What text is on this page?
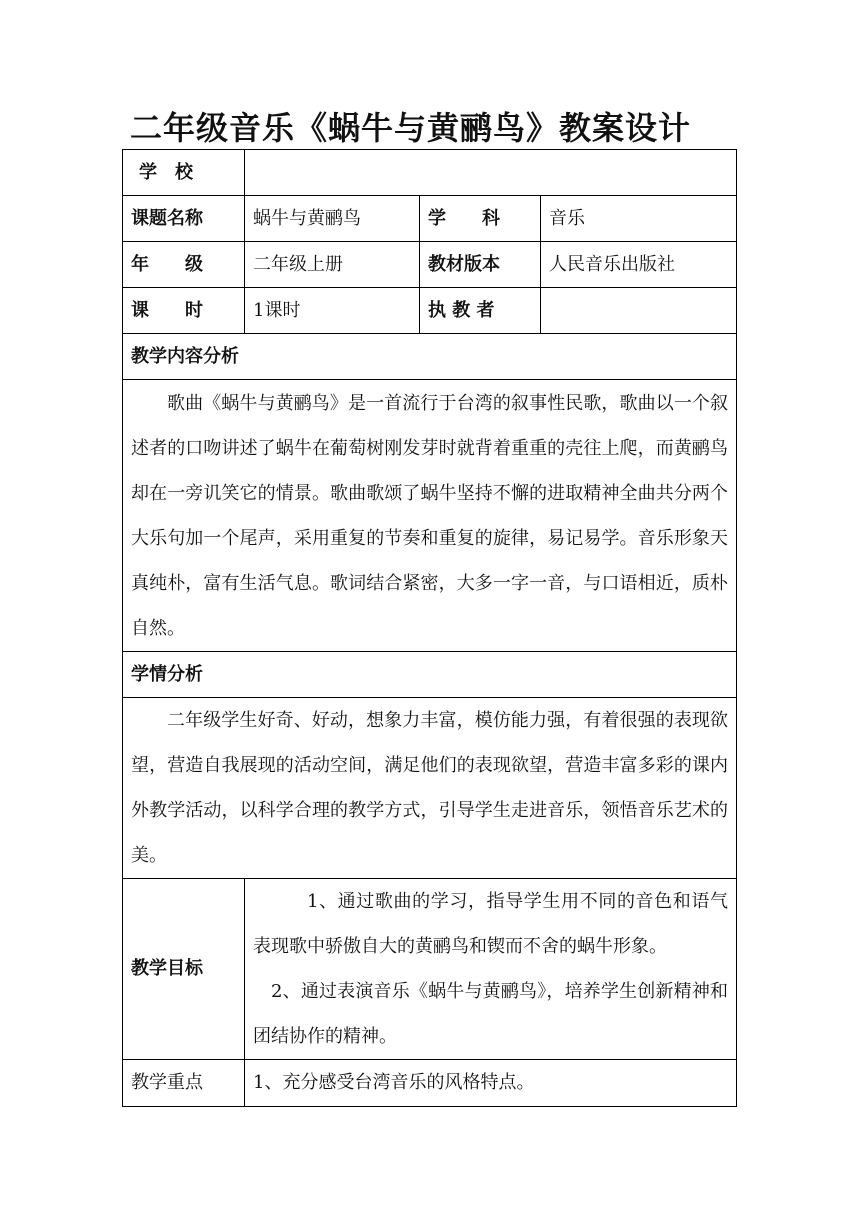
二年级音乐《蜗牛与黄鹂鸟》教案设计
学　校			
课题名称	蜗牛与黄鹂鸟	学　　科	音乐
年　　级	二年级上册	教材版本	人民音乐出版社
课　　时	1课时	执 教 者	
教学内容分析			

歌曲《蜗牛与黄鹂鸟》是一首流行于台湾的叙事性民歌，歌曲以一个叙述者的口吻讲述了蜗牛在葡萄树刚发芽时就背着重重的壳往上爬，而黄鹂鸟却在一旁讥笑它的情景。歌曲歌颂了蜗牛坚持不懈的进取精神全曲共分两个大乐句加一个尾声，采用重复的节奏和重复的旋律，易记易学。音乐形象天真纯朴，富有生活气息。歌词结合紧密，大多一字一音，与口语相近，质朴自然。			

学情分析			

二年级学生好奇、好动，想象力丰富，模仿能力强，有着很强的表现欲望，营造自我展现的活动空间，满足他们的表现欲望，营造丰富多彩的课内外教学活动，以科学合理的教学方式，引导学生走进音乐，领悟音乐艺术的美。			

教学目标	1、通过歌曲的学习，指导学生用不同的音色和语气表现歌中骄傲自大的黄鹂鸟和锲而不舍的蜗牛形象。

2、通过表演音乐《蜗牛与黄鹂鸟》，培养学生创新精神和团结协作的精神。		

教学重点	1、充分感受台湾音乐的风格特点。		
